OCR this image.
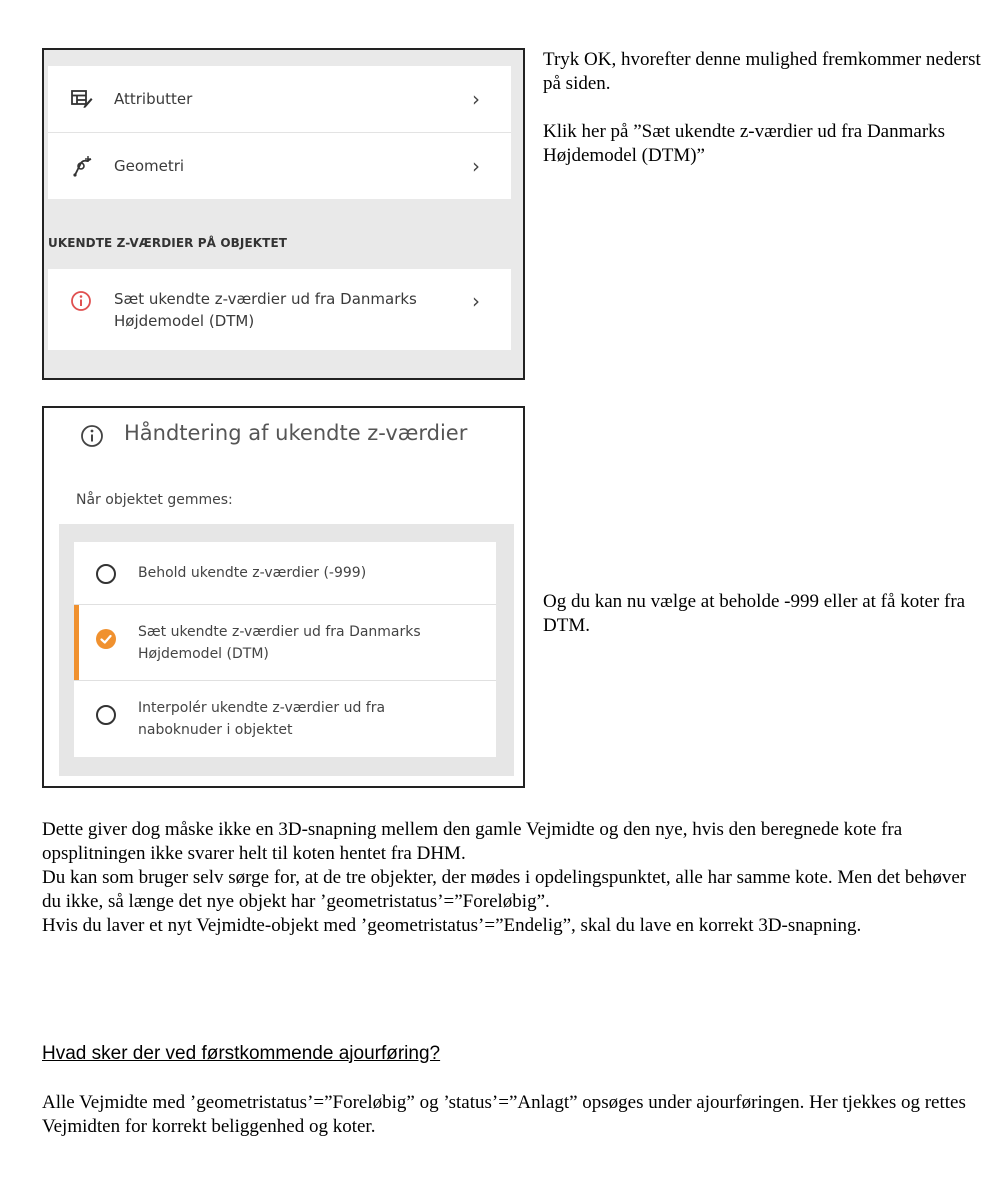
Attributter	›
Geometri	›
UKENDTE Z-VÆRDIER PÅ OBJEKTET
Sæt ukendte z-værdier ud fra Danmarks Højdemodel (DTM)
›
Håndtering af ukendte z-værdier
Når objektet gemmes:
Behold ukendte z-værdier (-999)
Sæt ukendte z-værdier ud fra Danmarks Højdemodel (DTM)
Interpolér ukendte z-værdier ud fra naboknuder i objektet

Tryk OK, hvorefter denne mulighed fremkommer nederst på siden.

Klik her på ”Sæt ukendte z-værdier ud fra Danmarks Højdemodel (DTM)”

Og du kan nu vælge at beholde -999 eller at få koter fra DTM.

Dette giver dog måske ikke en 3D-snapning mellem den gamle Vejmidte og den nye, hvis den beregnede kote fra opsplitningen ikke svarer helt til koten hentet fra DHM.

Du kan som bruger selv sørge for, at de tre objekter, der mødes i opdelingspunktet, alle har samme kote. Men det behøver du ikke, så længe det nye objekt har ’geometristatus’=”Foreløbig”.

Hvis du laver et nyt Vejmidte-objekt med ’geometristatus’=”Endelig”, skal du lave en korrekt 3D-snapning.

Hvad sker der ved førstkommende ajourføring?

Alle Vejmidte med ’geometristatus’=”Foreløbig” og ’status’=”Anlagt” opsøges under ajourføringen. Her tjekkes og rettes Vejmidten for korrekt beliggenhed og koter.
